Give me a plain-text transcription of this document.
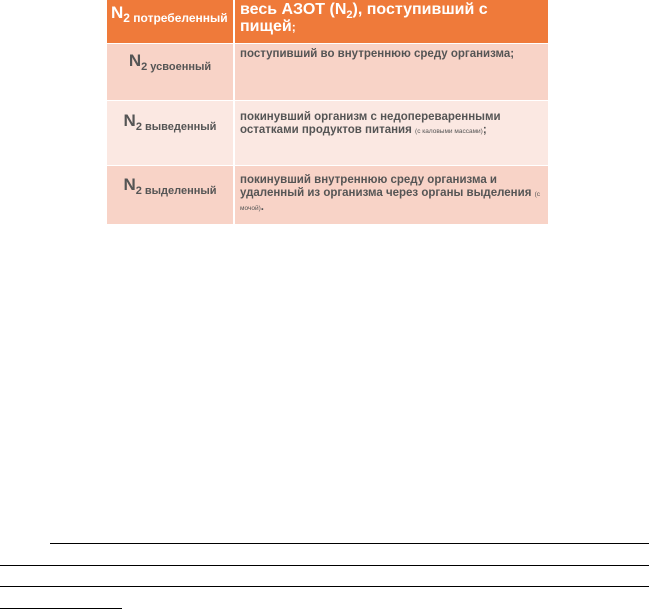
$N_{2 потребеленный}$	весь АЗОТ $(N_2)$, поступивший с пищей;
$N_{2 усвоенный}$	поступивший во внутреннюю среду организма;
$N_{2 выведенный}$	покинувший организм с недопереваренными остатками продуктов питания (с каловыми массами);
$N_{2 выделенный}$	покинувший внутреннюю среду организма и удаленный из организма через органы выделения (с мочой).
